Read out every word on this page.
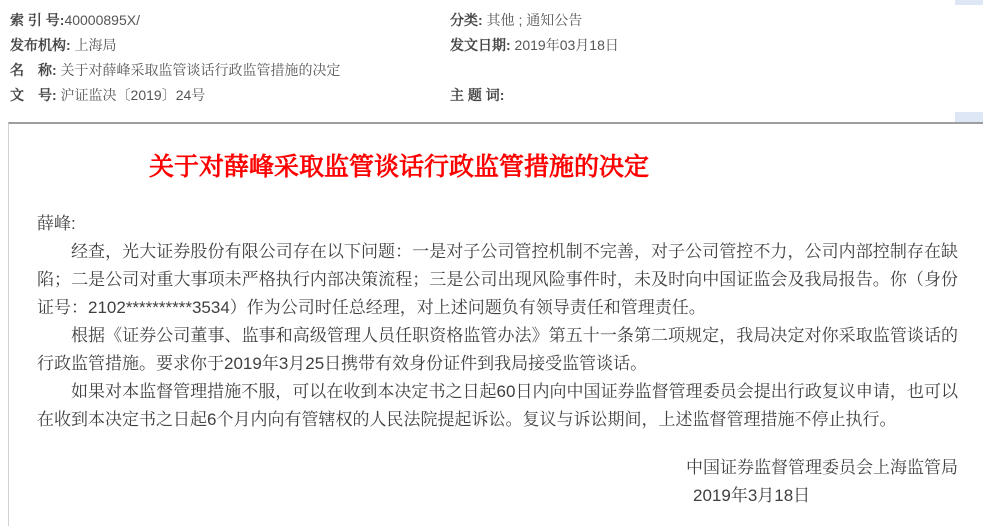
索 引 号:40000895X/
发布机构: 上海局
名　称: 关于对薛峰采取监管谈话行政监管措施的决定
文　号: 沪证监决〔2019〕24号
分类: 其他 ; 通知公告
发文日期: 2019年03月18日
主 题 词:
关于对薛峰采取监管谈话行政监管措施的决定

薛峰:

经查，光大证券股份有限公司存在以下问题：一是对子公司管控机制不完善，对子公司管控不力，公司内部控制存在缺陷；二是公司对重大事项未严格执行内部决策流程；三是公司出现风险事件时，未及时向中国证监会及我局报告。你（身份证号：2102**********3534）作为公司时任总经理，对上述问题负有领导责任和管理责任。

根据《证券公司董事、监事和高级管理人员任职资格监管办法》第五十一条第二项规定，我局决定对你采取监管谈话的行政监管措施。要求你于2019年3月25日携带有效身份证件到我局接受监管谈话。

如果对本监督管理措施不服，可以在收到本决定书之日起60日内向中国证券监督管理委员会提出行政复议申请，也可以在收到本决定书之日起6个月内向有管辖权的人民法院提起诉讼。复议与诉讼期间，上述监督管理措施不停止执行。

中国证券监督管理委员会上海监管局
2019年3月18日
